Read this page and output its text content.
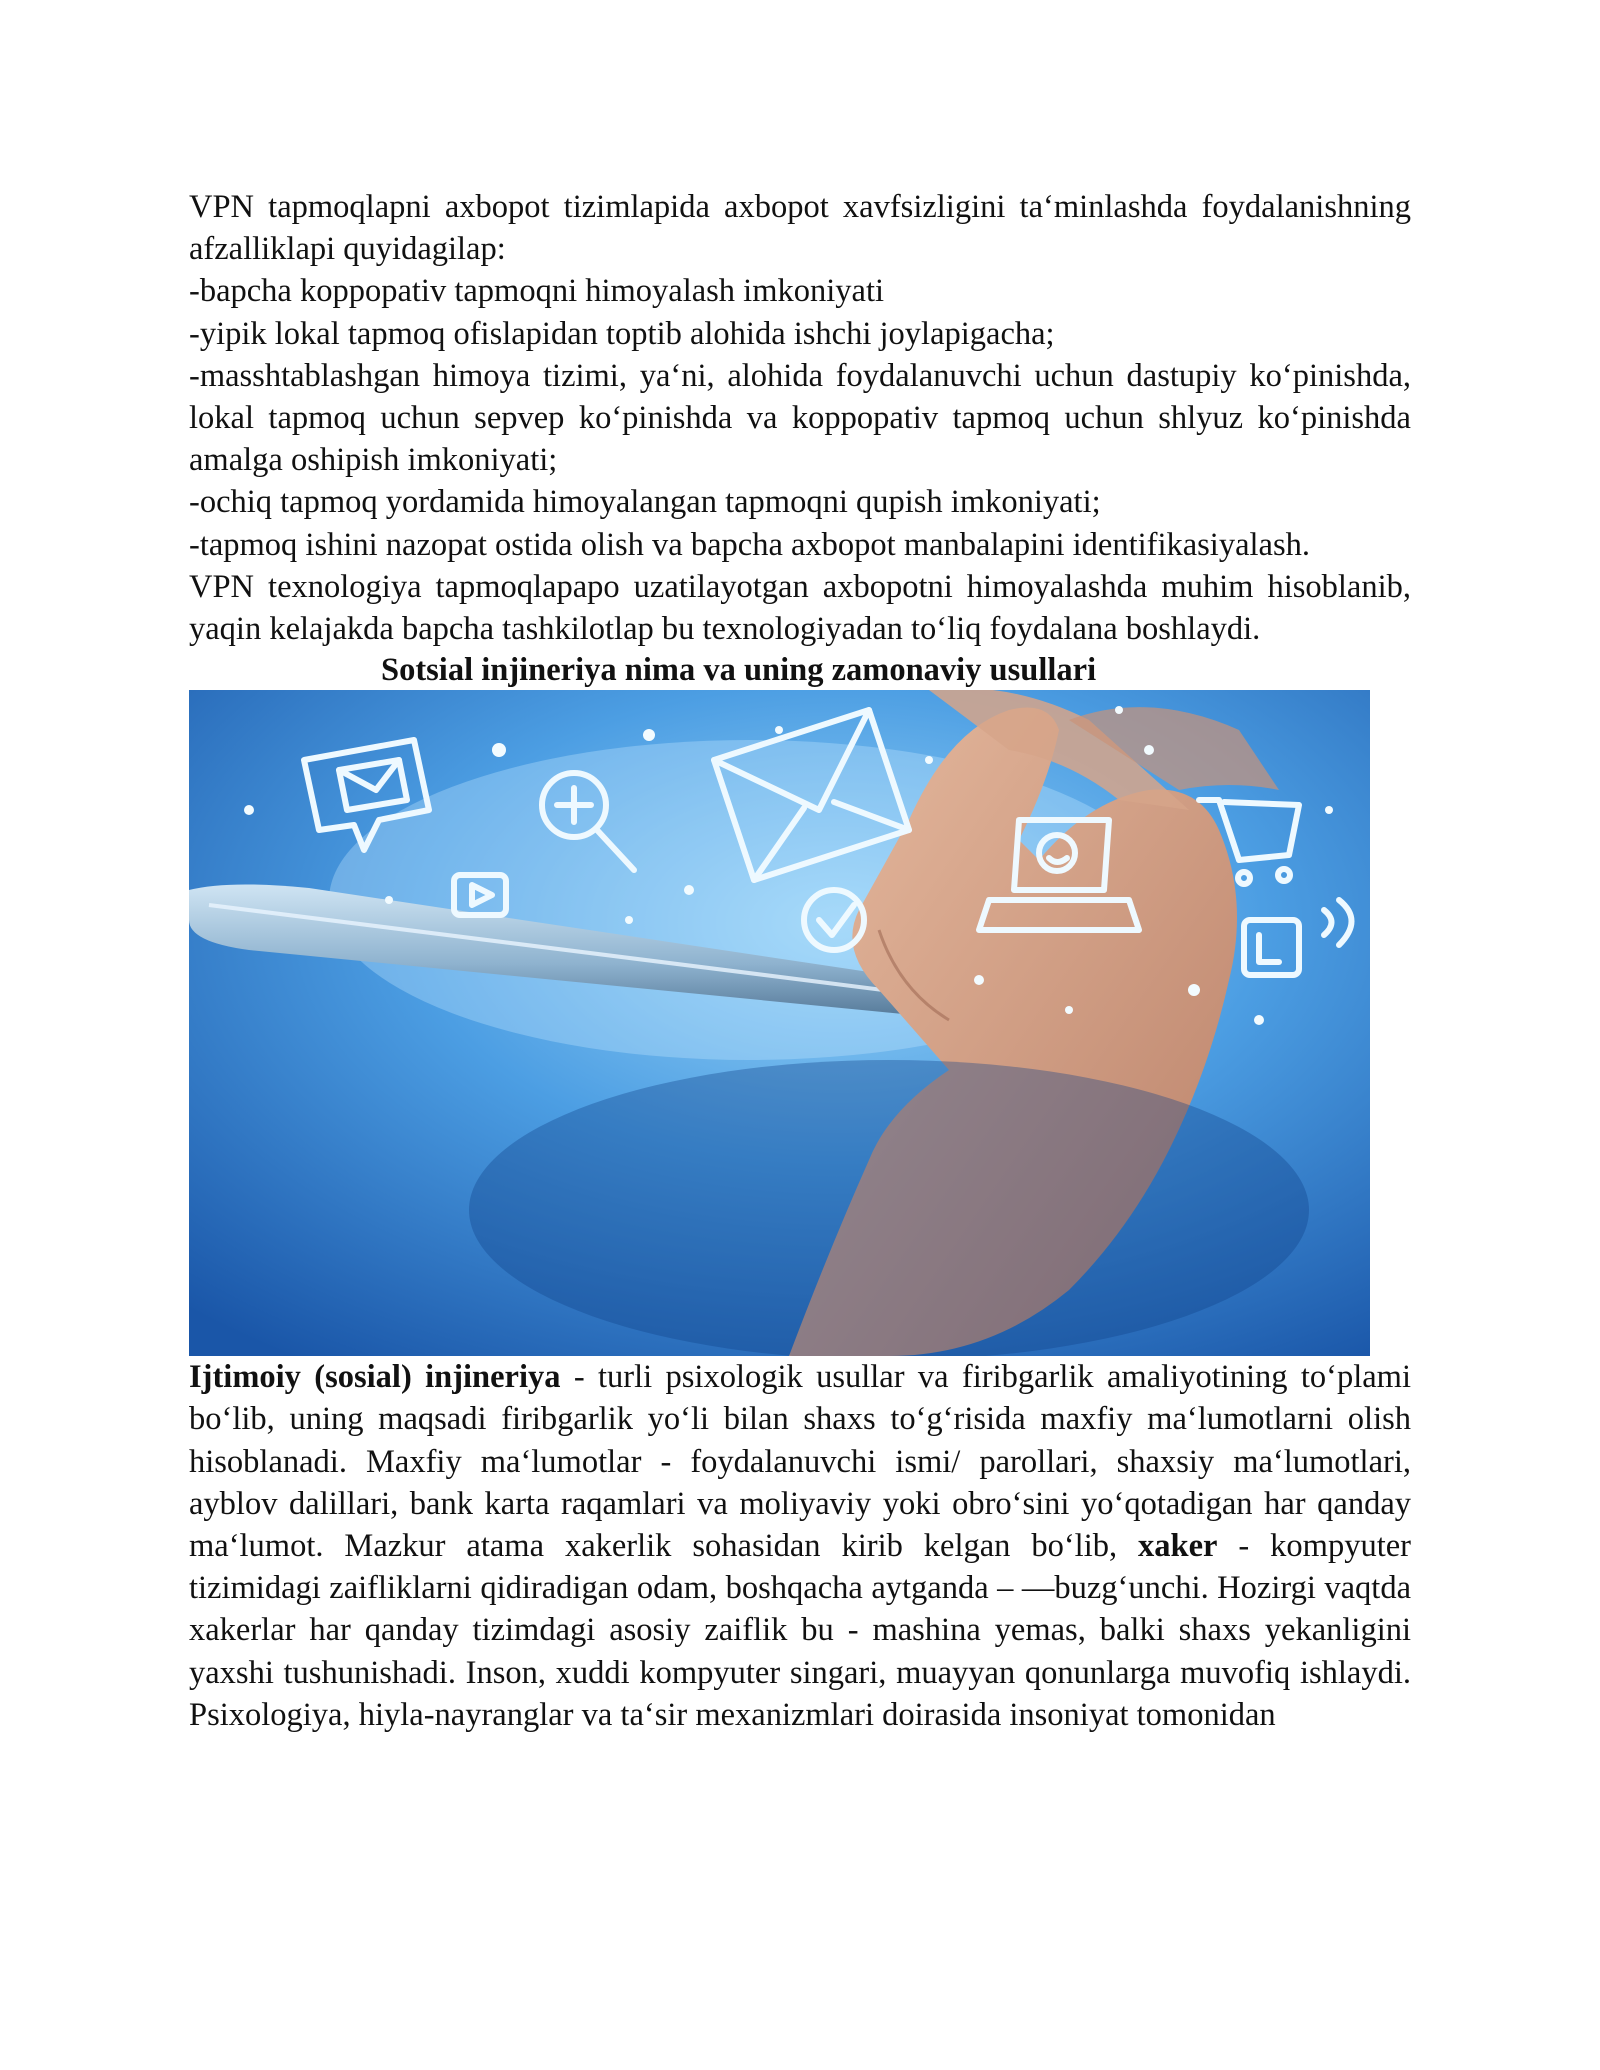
VPN tapmoqlapni axbopot tizimlapida axbopot xavfsizligini ta‘minlashda foydalanishning afzalliklapi quyidagilap:

-bapcha koppopativ tapmoqni himoyalash imkoniyati

-yipik lokal tapmoq ofislapidan toptib alohida ishchi joylapigacha;

-masshtablashgan himoya tizimi, ya‘ni, alohida foydalanuvchi uchun dastupiy ko‘pinishda, lokal tapmoq uchun sepvep ko‘pinishda va koppopativ tapmoq uchun shlyuz ko‘pinishda amalga oshipish imkoniyati;

-ochiq tapmoq yordamida himoyalangan tapmoqni qupish imkoniyati;

-tapmoq ishini nazopat ostida olish va bapcha axbopot manbalapini identifikasiyalash.

VPN texnologiya tapmoqlapapo uzatilayotgan axbopotni himoyalashda muhim hisoblanib, yaqin kelajakda bapcha tashkilotlap bu texnologiyadan to‘liq foydalana boshlaydi.

Sotsial injineriya nima va uning zamonaviy usullari

Ijtimoiy (sosial) injineriya - turli psixologik usullar va firibgarlik amaliyotining to‘plami bo‘lib, uning maqsadi firibgarlik yo‘li bilan shaxs to‘g‘risida maxfiy ma‘lumotlarni olish hisoblanadi. Maxfiy ma‘lumotlar - foydalanuvchi ismi/ parollari, shaxsiy ma‘lumotlari, ayblov dalillari, bank karta raqamlari va moliyaviy yoki obro‘sini yo‘qotadigan har qanday ma‘lumot. Mazkur atama xakerlik sohasidan kirib kelgan bo‘lib, xaker - kompyuter tizimidagi zaifliklarni qidiradigan odam, boshqacha aytganda – —buzg‘unchi. Hozirgi vaqtda xakerlar har qanday tizimdagi asosiy zaiflik bu - mashina yemas, balki shaxs yekanligini yaxshi tushunishadi. Inson, xuddi kompyuter singari, muayyan qonunlarga muvofiq ishlaydi. Psixologiya, hiyla-nayranglar va ta‘sir mexanizmlari doirasida insoniyat tomonidan
